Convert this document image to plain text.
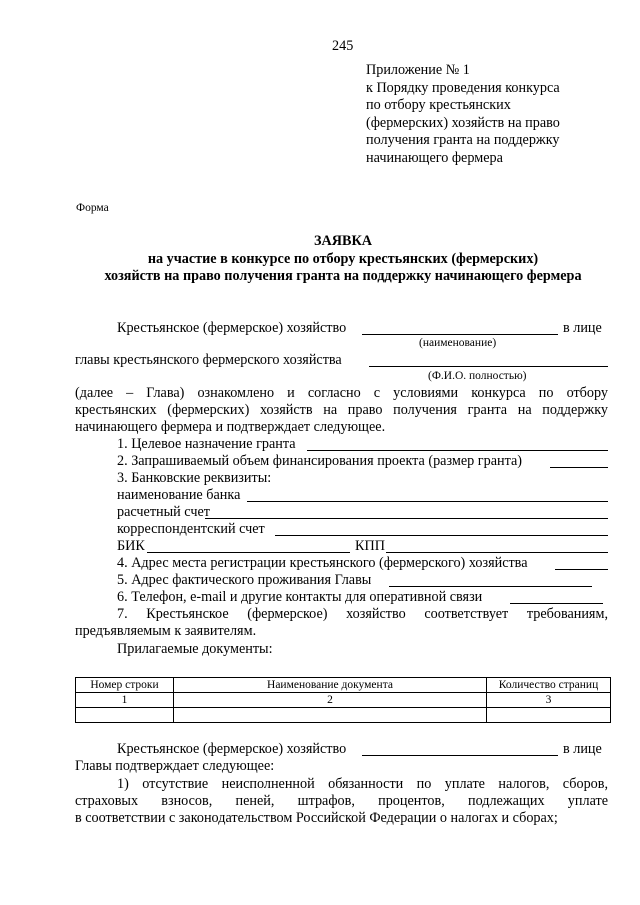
245
Приложение № 1
к Порядку проведения конкурса
по отбору крестьянских
(фермерских) хозяйств на право
получения гранта на поддержку
начинающего фермера
Форма
ЗАЯВКА
на участие в конкурсе по отбору крестьянских (фермерских)
хозяйств на право получения гранта на поддержку начинающего фермера
Крестьянское (фермерское) хозяйство	в лице
(наименование)
главы крестьянского фермерского хозяйства
(Ф.И.О. полностью)
(далее – Глава) ознакомлено и согласно с условиями конкурса по отбору
крестьянских (фермерских) хозяйств на право получения гранта на поддержку
начинающего фермера и подтверждает следующее.
1. Целевое назначение гранта
2. Запрашиваемый объем финансирования проекта (размер гранта)
3. Банковские реквизиты:
наименование банка
расчетный счет
корреспондентский счет
БИК	КПП
4. Адрес места регистрации крестьянского (фермерского) хозяйства
5. Адрес фактического проживания Главы
6. Телефон, e-mail и другие контакты для оперативной связи
7. Крестьянское (фермерское) хозяйство соответствует требованиям,
предъявляемым к заявителям.
Прилагаемые документы:
Номер строки	Наименование документа	Количество страниц
1	2	3

Крестьянское (фермерское) хозяйство	в лице
Главы подтверждает следующее:
1) отсутствие неисполненной обязанности по уплате налогов, сборов,
страховых взносов, пеней, штрафов, процентов, подлежащих уплате
в соответствии с законодательством Российской Федерации о налогах и сборах;
